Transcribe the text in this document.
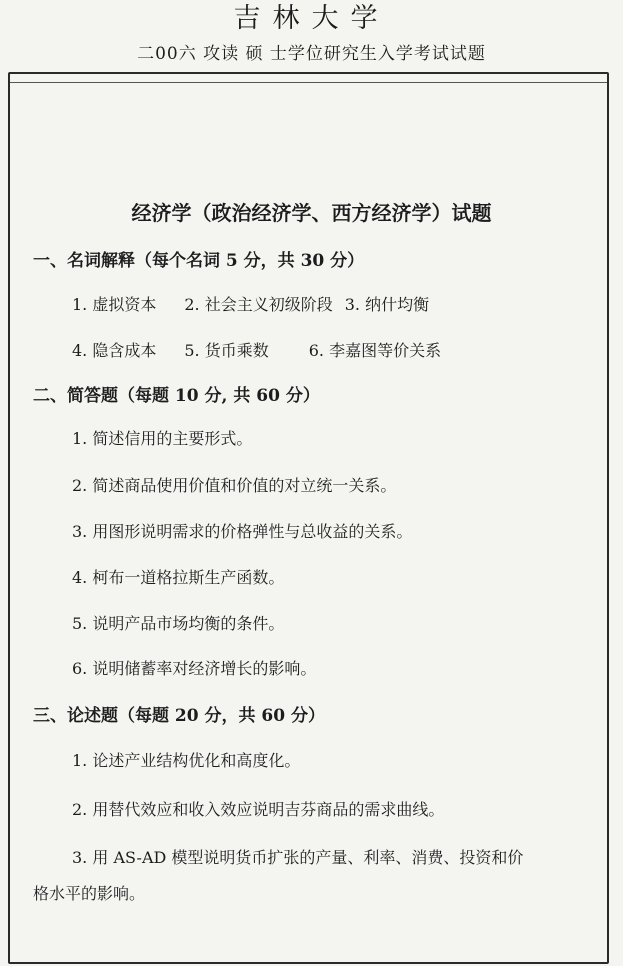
吉林大学
二00六 攻读 硕 士学位研究生入学考试试题
经济学（政治经济学、西方经济学）试题
一、名词解释（每个名词 5 分，共 30 分）
1. 虚拟资本 2. 社会主义初级阶段 3. 纳什均衡
4. 隐含成本 5. 货币乘数	6. 李嘉图等价关系
二、简答题（每题 10 分, 共 60 分）
1. 简述信用的主要形式。
2. 简述商品使用价值和价值的对立统一关系。
3. 用图形说明需求的价格弹性与总收益的关系。
4. 柯布一道格拉斯生产函数。
5. 说明产品市场均衡的条件。
6. 说明储蓄率对经济增长的影响。
三、论述题（每题 20 分，共 60 分）
1. 论述产业结构优化和高度化。
2. 用替代效应和收入效应说明吉芬商品的需求曲线。
3. 用 AS-AD 模型说明货币扩张的产量、利率、消费、投资和价
格水平的影响。
